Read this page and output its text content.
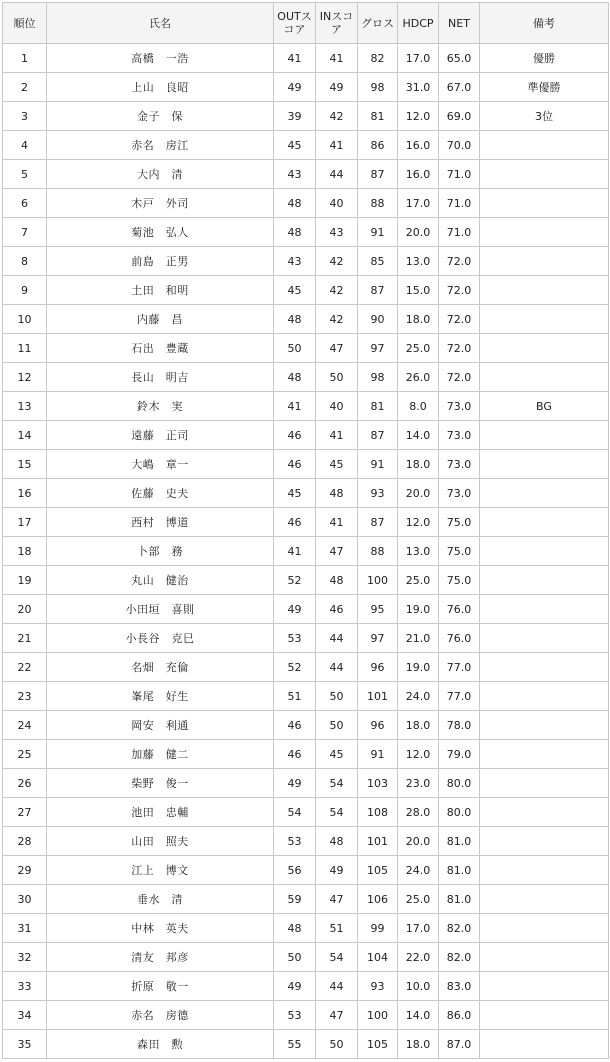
順位	氏名	OUTスコア	INスコア	グロス	HDCP	NET	備考
1	高橋　一浩	41	41	82	17.0	65.0	優勝
2	上山　良昭	49	49	98	31.0	67.0	準優勝
3	金子　保	39	42	81	12.0	69.0	3位
4	赤名　房江	45	41	86	16.0	70.0	
5	大内　清	43	44	87	16.0	71.0	
6	木戸　外司	48	40	88	17.0	71.0	
7	菊池　弘人	48	43	91	20.0	71.0	
8	前島　正男	43	42	85	13.0	72.0	
9	土田　和明	45	42	87	15.0	72.0	
10	内藤　昌	48	42	90	18.0	72.0	
11	石出　豊蔵	50	47	97	25.0	72.0	
12	長山　明吉	48	50	98	26.0	72.0	
13	鈴木　実	41	40	81	8.0	73.0	BG
14	遠藤　正司	46	41	87	14.0	73.0	
15	大嶋　章一	46	45	91	18.0	73.0	
16	佐藤　史夫	45	48	93	20.0	73.0	
17	西村　博道	46	41	87	12.0	75.0	
18	卜部　務	41	47	88	13.0	75.0	
19	丸山　健治	52	48	100	25.0	75.0	
20	小田垣　喜則	49	46	95	19.0	76.0	
21	小長谷　克巳	53	44	97	21.0	76.0	
22	名畑　充倫	52	44	96	19.0	77.0	
23	峯尾　好生	51	50	101	24.0	77.0	
24	岡安　利通	46	50	96	18.0	78.0	
25	加藤　健二	46	45	91	12.0	79.0	
26	柴野　俊一	49	54	103	23.0	80.0	
27	池田　忠輔	54	54	108	28.0	80.0	
28	山田　照夫	53	48	101	20.0	81.0	
29	江上　博文	56	49	105	24.0	81.0	
30	垂水　清	59	47	106	25.0	81.0	
31	中林　英夫	48	51	99	17.0	82.0	
32	清友　邦彦	50	54	104	22.0	82.0	
33	折原　敬一	49	44	93	10.0	83.0	
34	赤名　房德	53	47	100	14.0	86.0	
35	森田　勲	55	50	105	18.0	87.0	
